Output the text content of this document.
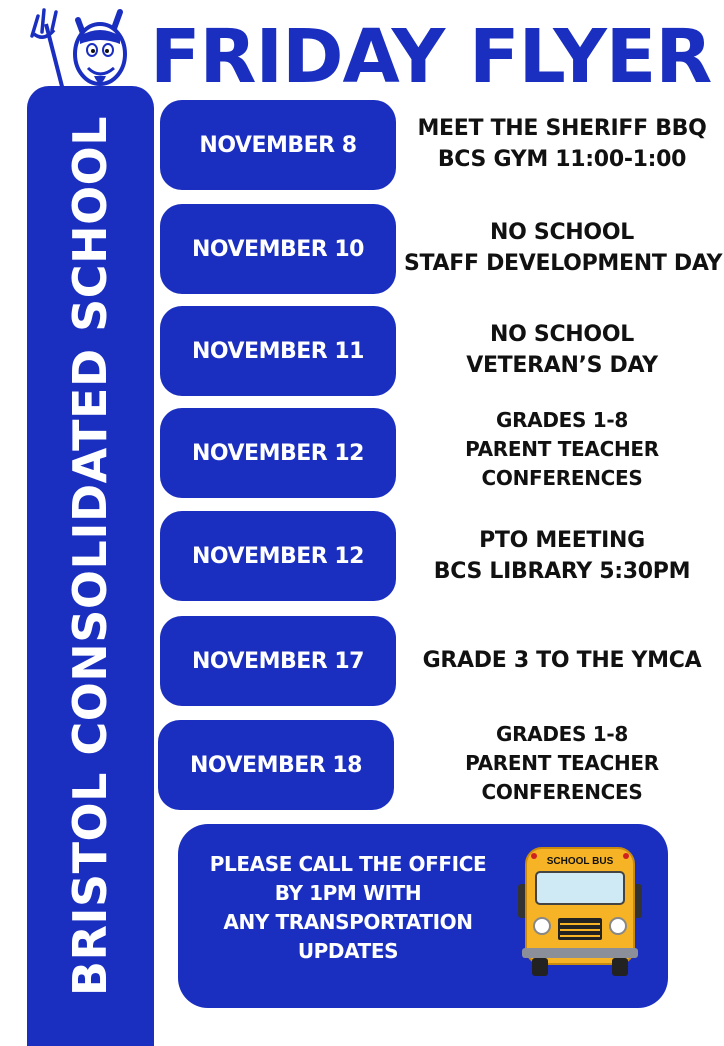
FRIDAY FLYER
BRISTOL CONSOLIDATED SCHOOL	NOVEMBER 8
MEET THE SHERIFF BBQ
BCS GYM 11:00-1:00
NOVEMBER 10
NO SCHOOL
STAFF DEVELOPMENT DAY
NOVEMBER 11
NO SCHOOL
VETERAN’S DAY
NOVEMBER 12
GRADES 1-8
PARENT TEACHER
CONFERENCES
NOVEMBER 12
PTO MEETING
BCS LIBRARY 5:30PM
NOVEMBER 17	GRADE 3 TO THE YMCA
NOVEMBER 18
GRADES 1-8
PARENT TEACHER
CONFERENCES
PLEASE CALL THE OFFICE
BY 1PM WITH
ANY TRANSPORTATION
UPDATES
SCHOOL BUS
